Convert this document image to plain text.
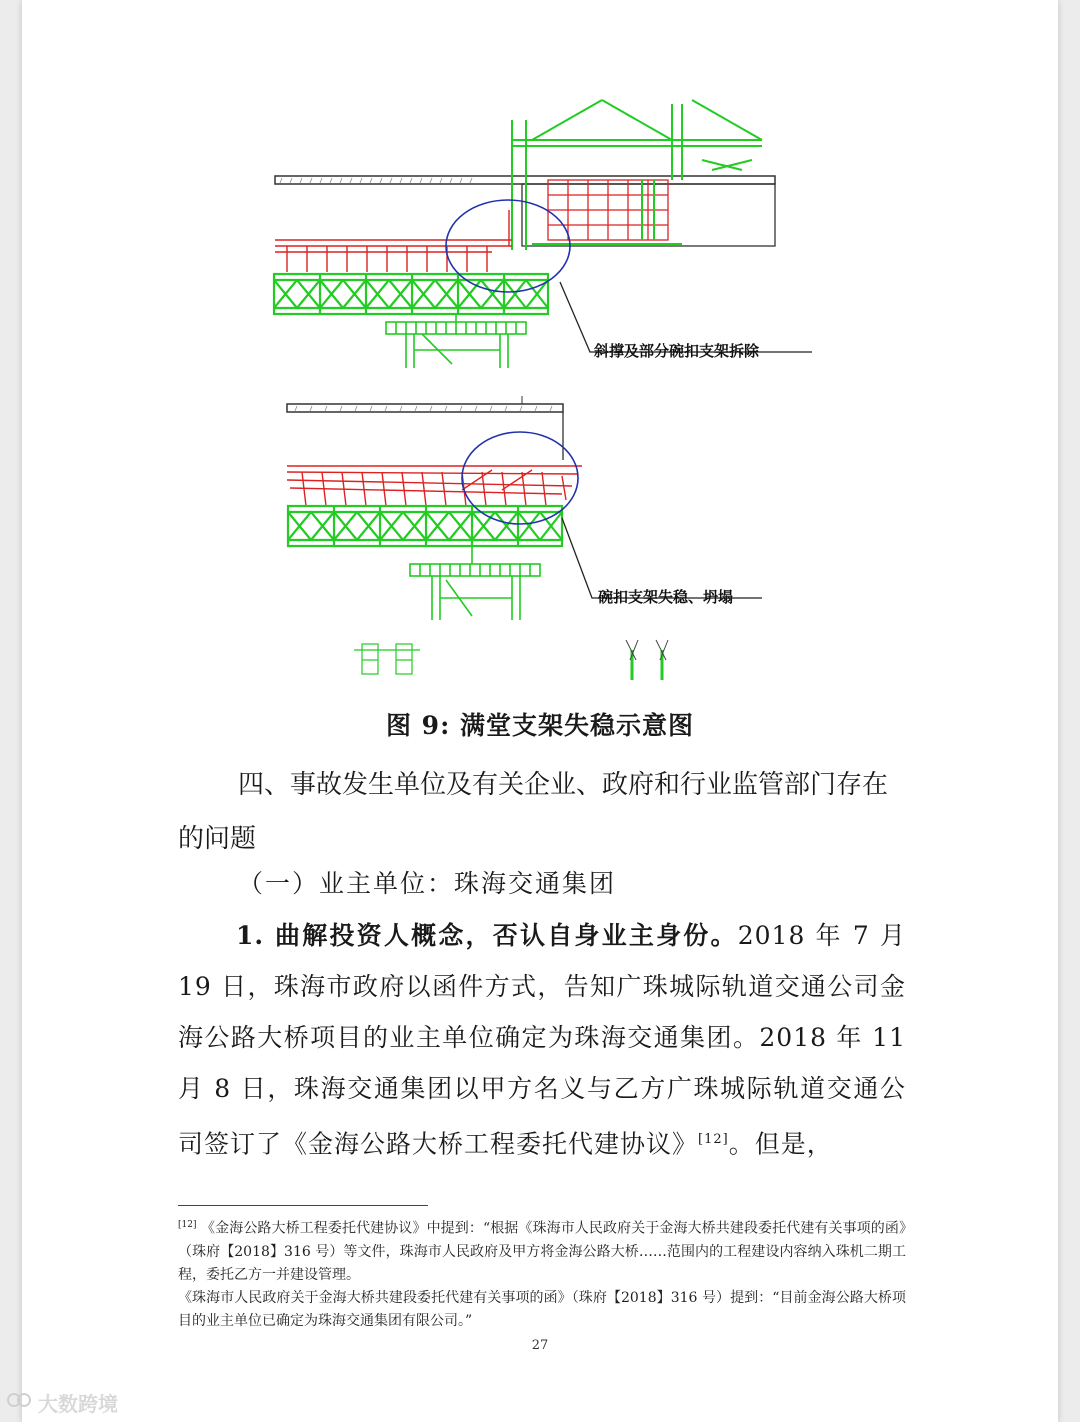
斜撑及部分碗扣支架拆除
碗扣支架失稳、坍塌
图 9: 满堂支架失稳示意图
四、事故发生单位及有关企业、政府和行业监管部门存在的问题
（一）业主单位：珠海交通集团
1. 曲解投资人概念，否认自身业主身份。2018 年 7 月 19 日，珠海市政府以函件方式，告知广珠城际轨道交通公司金海公路大桥项目的业主单位确定为珠海交通集团。2018 年 11 月 8 日，珠海交通集团以甲方名义与乙方广珠城际轨道交通公司签订了《金海公路大桥工程委托代建协议》[12]。但是，
[12] 《金海公路大桥工程委托代建协议》中提到：“根据《珠海市人民政府关于金海大桥共建段委托代建有关事项的函》（珠府【2018】316 号）等文件，珠海市人民政府及甲方将金海公路大桥……范围内的工程建设内容纳入珠机二期工程，委托乙方一并建设管理。
《珠海市人民政府关于金海大桥共建段委托代建有关事项的函》（珠府【2018】316 号）提到：“目前金海公路大桥项目的业主单位已确定为珠海交通集团有限公司。”
27
大数跨境
